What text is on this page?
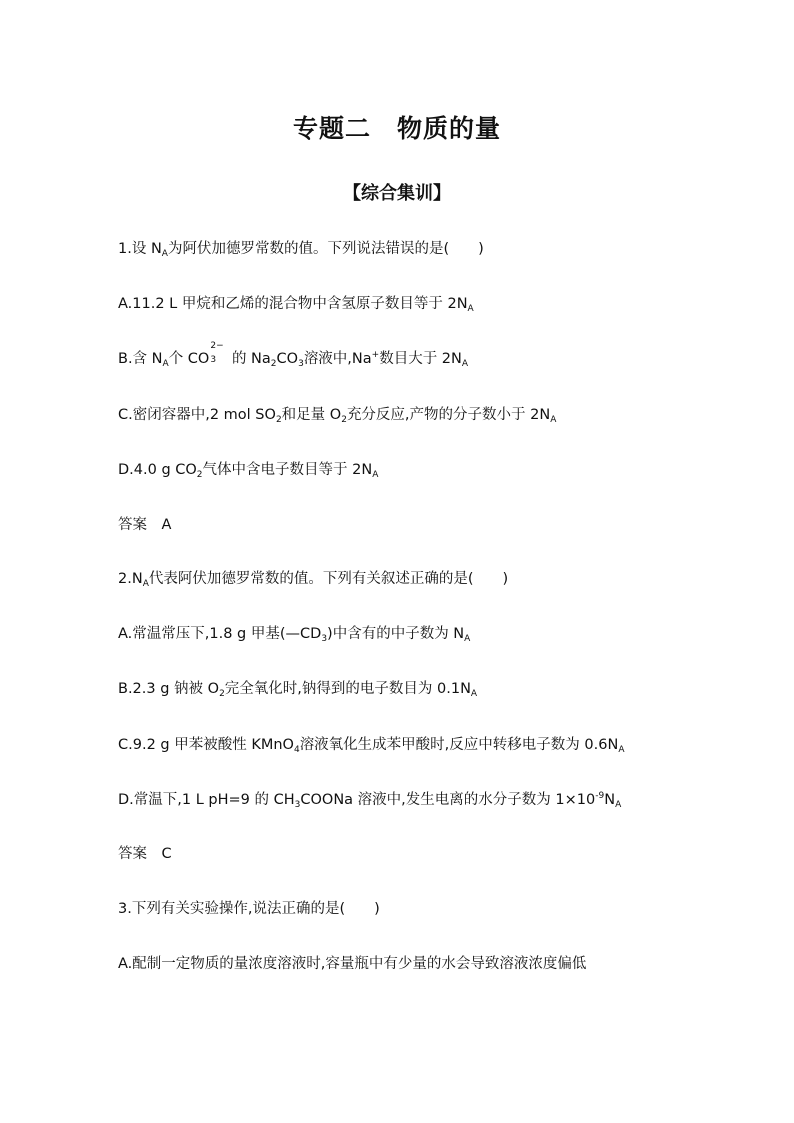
专题二　物质的量
【综合集训】
1.设 $N_A$为阿伏加德罗常数的值。下列说法错误的是(　　)
A.11.2 L 甲烷和乙烯的混合物中含氢原子数目等于 $2N_A$
B.含 $N_A$个 CO
2−
3 的 $Na_2CO_3$溶液中,Na+数目大于 $2N_A$
C.密闭容器中,2 mol $SO_2$和足量 $O_2$充分反应,产物的分子数小于 $2N_A$
D.4.0 g $CO_2$气体中含电子数目等于 $2N_A$
答案　A
$2.N_A$代表阿伏加德罗常数的值。下列有关叙述正确的是(　　)
A.常温常压下,1.8 g 甲基$(—CD_3)$中含有的中子数为 $N_A$
B.2.3 g 钠被 $O_2$完全氧化时,钠得到的电子数目为 $0.1N_A$
C.9.2 g 甲苯被酸性 KMnO$_4$溶液氧化生成苯甲酸时,反应中转移电子数为 $0.6N_A$
D.常温下,1 L pH=9 的 $CH_3COONa$ 溶液中,发生电离的水分子数为 $1\times 10^{-9}N_A$
答案　C
3.下列有关实验操作,说法正确的是(　　)
A.配制一定物质的量浓度溶液时,容量瓶中有少量的水会导致溶液浓度偏低
